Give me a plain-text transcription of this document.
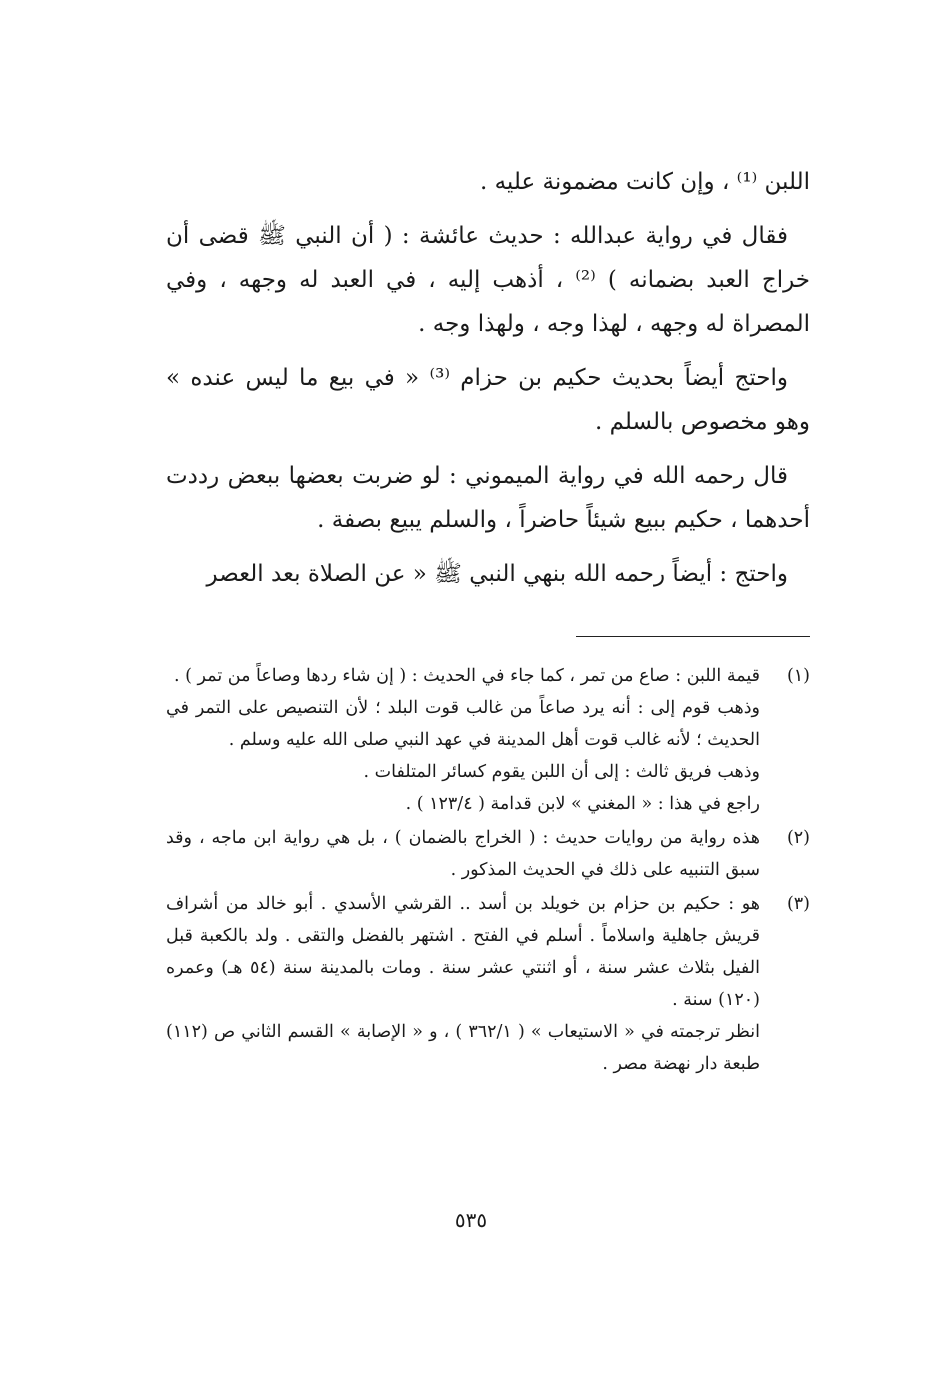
اللبن ⁽¹⁾ ، وإن كانت مضمونة عليه .

فقال في رواية عبدالله : حديث عائشة : ( أن النبي ﷺ قضى أن خراج العبد بضمانه ) ⁽²⁾ ، أذهب إليه ، في العبد له وجهه ، وفي المصراة له وجهه ، لهذا وجه ، ولهذا وجه .

واحتج أيضاً بحديث حكيم بن حزام ⁽³⁾ « في بيع ما ليس عنده » وهو مخصوص بالسلم .

قال رحمه الله في رواية الميموني : لو ضربت بعضها ببعض رددت أحدهما ، حكيم ببيع شيئاً حاضراً ، والسلم يبيع بصفة .

واحتج : أيضاً رحمه الله بنهي النبي ﷺ « عن الصلاة بعد العصر

(١)

قيمة اللبن : صاع من تمر ، كما جاء في الحديث : ( إن شاء ردها وصاعاً من تمر ) .

وذهب قوم إلى : أنه يرد صاعاً من غالب قوت البلد ؛ لأن التنصيص على التمر في الحديث ؛ لأنه غالب قوت أهل المدينة في عهد النبي صلى الله عليه وسلم .

وذهب فريق ثالث : إلى أن اللبن يقوم كسائر المتلفات .

راجع في هذا : « المغني » لابن قدامة ( ١٢٣/٤ ) .

(٢)

هذه رواية من روايات حديث : ( الخراج بالضمان ) ، بل هي رواية ابن ماجه ، وقد سبق التنبيه على ذلك في الحديث المذكور .

(٣)

هو : حكيم بن حزام بن خويلد بن أسد .. القرشي الأسدي . أبو خالد من أشراف قريش جاهلية واسلاماً . أسلم في الفتح . اشتهر بالفضل والتقى . ولد بالكعبة قبل الفيل بثلاث عشر سنة ، أو اثنتي عشر سنة . ومات بالمدينة سنة (٥٤ هـ) وعمره (١٢٠) سنة .

انظر ترجمته في « الاستيعاب » ( ٣٦٢/١ ) ، و « الإصابة » القسم الثاني ص (١١٢) طبعة دار نهضة مصر .

٥٣٥
